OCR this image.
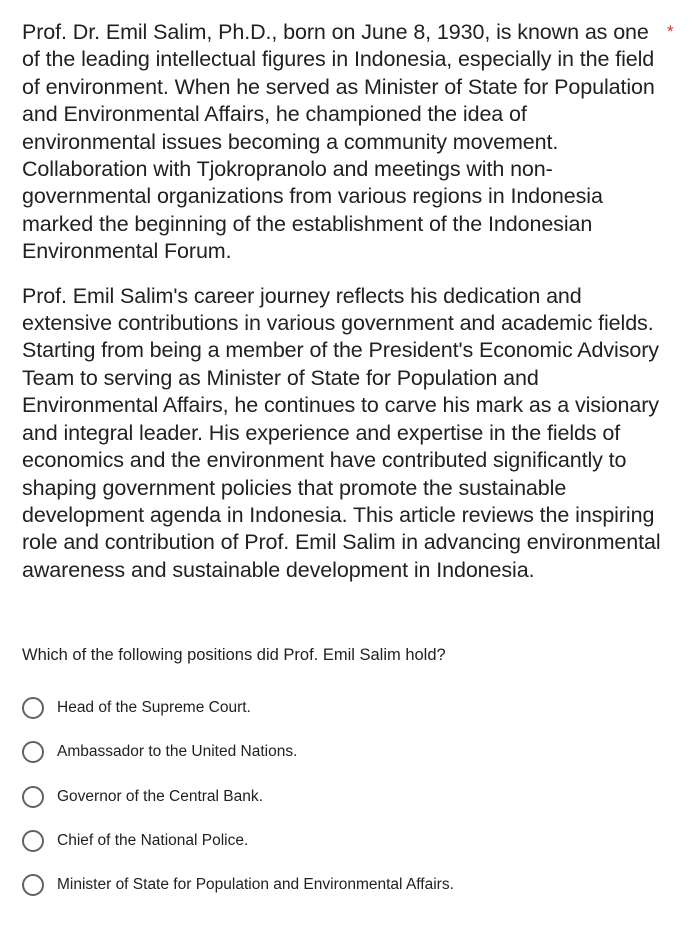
*

Prof. Dr. Emil Salim, Ph.D., born on June 8, 1930, is known as one of the leading intellectual figures in Indonesia, especially in the field of environment. When he served as Minister of State for Population and Environmental Affairs, he championed the idea of environmental issues becoming a community movement. Collaboration with Tjokropranolo and meetings with non-governmental organizations from various regions in Indonesia marked the beginning of the establishment of the Indonesian Environmental Forum.

Prof. Emil Salim's career journey reflects his dedication and extensive contributions in various government and academic fields. Starting from being a member of the President's Economic Advisory Team to serving as Minister of State for Population and Environmental Affairs, he continues to carve his mark as a visionary and integral leader. His experience and expertise in the fields of economics and the environment have contributed significantly to shaping government policies that promote the sustainable development agenda in Indonesia. This article reviews the inspiring role and contribution of Prof. Emil Salim in advancing environmental awareness and sustainable development in Indonesia.

Which of the following positions did Prof. Emil Salim hold?
Head of the Supreme Court.
Ambassador to the United Nations.
Governor of the Central Bank.
Chief of the National Police.
Minister of State for Population and Environmental Affairs.
